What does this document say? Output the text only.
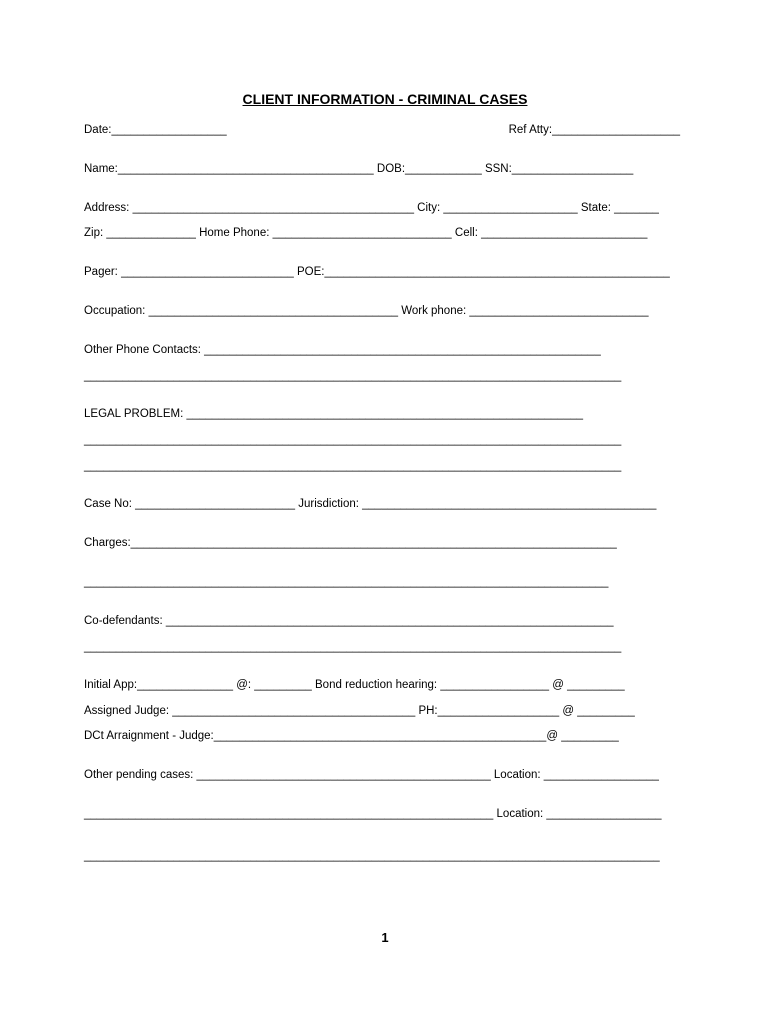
CLIENT INFORMATION - CRIMINAL CASES
Date:__________________	Ref Atty:____________________
Name:________________________________________ DOB:____________ SSN:___________________
Address: ____________________________________________ City: _____________________ State: _______
Zip: ______________ Home Phone: ____________________________ Cell: __________________________
Pager: ___________________________ POE:______________________________________________________
Occupation: _______________________________________ Work phone: ____________________________
Other Phone Contacts: ______________________________________________________________
____________________________________________________________________________________
LEGAL PROBLEM: ______________________________________________________________
____________________________________________________________________________________
____________________________________________________________________________________
Case No: _________________________ Jurisdiction: ______________________________________________
Charges:____________________________________________________________________________
__________________________________________________________________________________
Co-defendants: ______________________________________________________________________
____________________________________________________________________________________
Initial App:_______________ @: _________ Bond reduction hearing: _________________ @ _________
Assigned Judge: ______________________________________ PH:___________________ @ _________
DCt Arraignment - Judge:____________________________________________________@ _________
Other pending cases: ______________________________________________ Location: __________________
________________________________________________________________ Location: __________________
__________________________________________________________________________________________
1
